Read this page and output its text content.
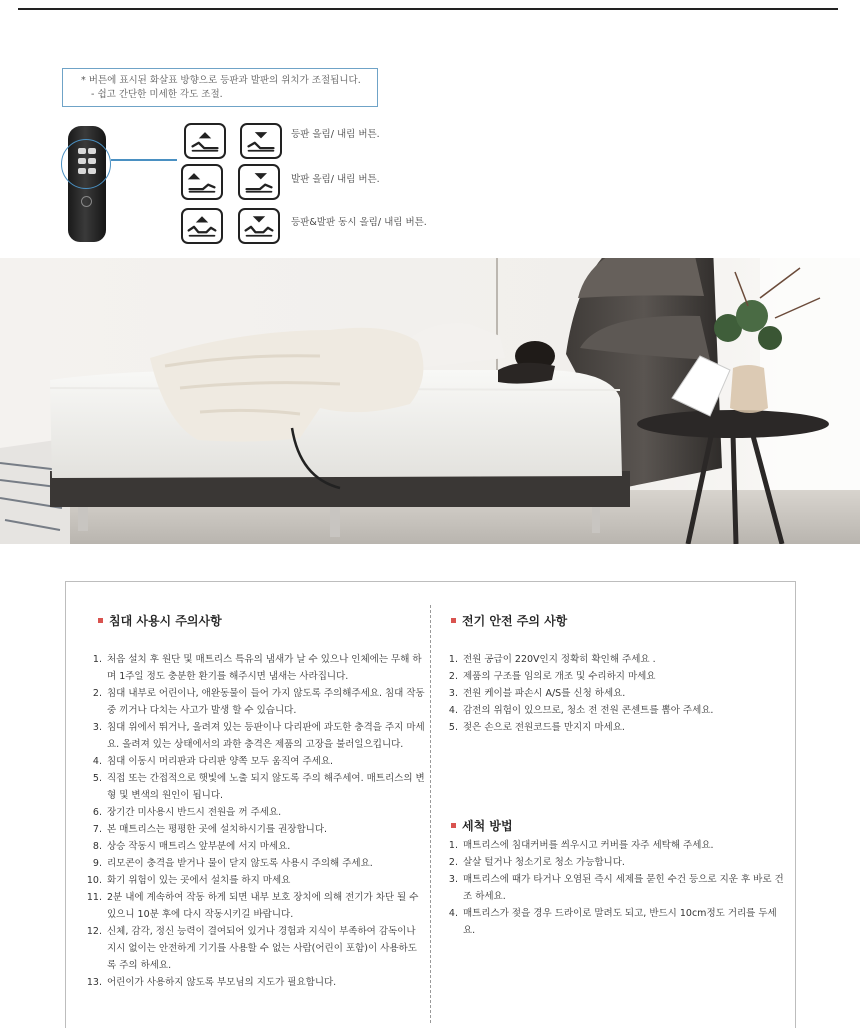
* 버튼에 표시된 화살표 방향으로 등판과 발판의 위치가 조절됩니다.
- 쉽고 간단한 미세한 각도 조절.
등판 올림/ 내림 버튼.
발판 올림/ 내림 버튼.
등판&발판 동시 올림/ 내림 버튼.
침대 사용시 주의사항
1. 처음 설치 후 원단 및 매트리스 특유의 냄새가 날 수 있으나 인체에는 무해 하며 1주일 정도 충분한 환기를 해주시면 냄새는 사라집니다.
2. 침대 내부로 어린이나, 애완동물이 들어 가지 않도록 주의해주세요. 침대 작동 중 끼거나 다치는 사고가 발생 할 수 있습니다.
3. 침대 위에서 뛰거나, 올려져 있는 등판이나 다리판에 과도한 충격을 주지 마세요. 올려져 있는 상태에서의 과한 충격은 제품의 고장을 불러일으킵니다.
4. 침대 이동시 머리판과 다리판 양쪽 모두 움직여 주세요.
5. 직접 또는 간접적으로 햇빛에 노출 되지 않도록 주의 해주세여. 매트리스의 변형 및 변색의 원인이 됩니다.
6. 장기간 미사용시 반드시 전원을 꺼 주세요.
7. 본 매트리스는 평평한 곳에 설치하시기를 권장합니다.
8. 상승 작동시 매트리스 앞부분에 서지 마세요.
9. 리모콘이 충격을 받거나 물이 닫지 않도록 사용시 주의해 주세요.
10. 화기 위험이 있는 곳에서 설치를 하지 마세요
11. 2분 내에 계속하여 작동 하게 되면 내부 보호 장치에 의해 전기가 차단 될 수 있으니 10분 후에 다시 작동시키길 바랍니다.
12. 신체, 감각, 정신 능력이 결여되어 있거나 경험과 지식이 부족하여 감독이나 지시 없이는 안전하게 기기를 사용할 수 없는 사람(어린이 포함)이 사용하도록 주의 하세요.
13. 어린이가 사용하지 않도록 부모님의 지도가 필요합니다.
전기 안전 주의 사항
1. 전원 공급이 220V인지 정확히 확인해 주세요 .
2. 제품의 구조를 임의로 개조 및 수리하지 마세요
3. 전원 케이블 파손시 A/S를 신청 하세요.
4. 감전의 위험이 있으므로, 청소 전 전원 콘센트를 뽑아 주세요.
5. 젖은 손으로 전원코드를 만지지 마세요.
세척 방법
1. 매트리스에 침대커버를 씌우시고 커버를 자주 세탁해 주세요.
2. 살살 털거나 청소기로 청소 가능합니다.
3. 매트리스에 때가 타거나 오염된 즉시 세제를 묻힌 수건 등으로 지운 후 바로 건조 하세요.
4. 매트리스가 젖을 경우 드라이로 말려도 되고, 반드시 10cm정도 거리를 두세요.
